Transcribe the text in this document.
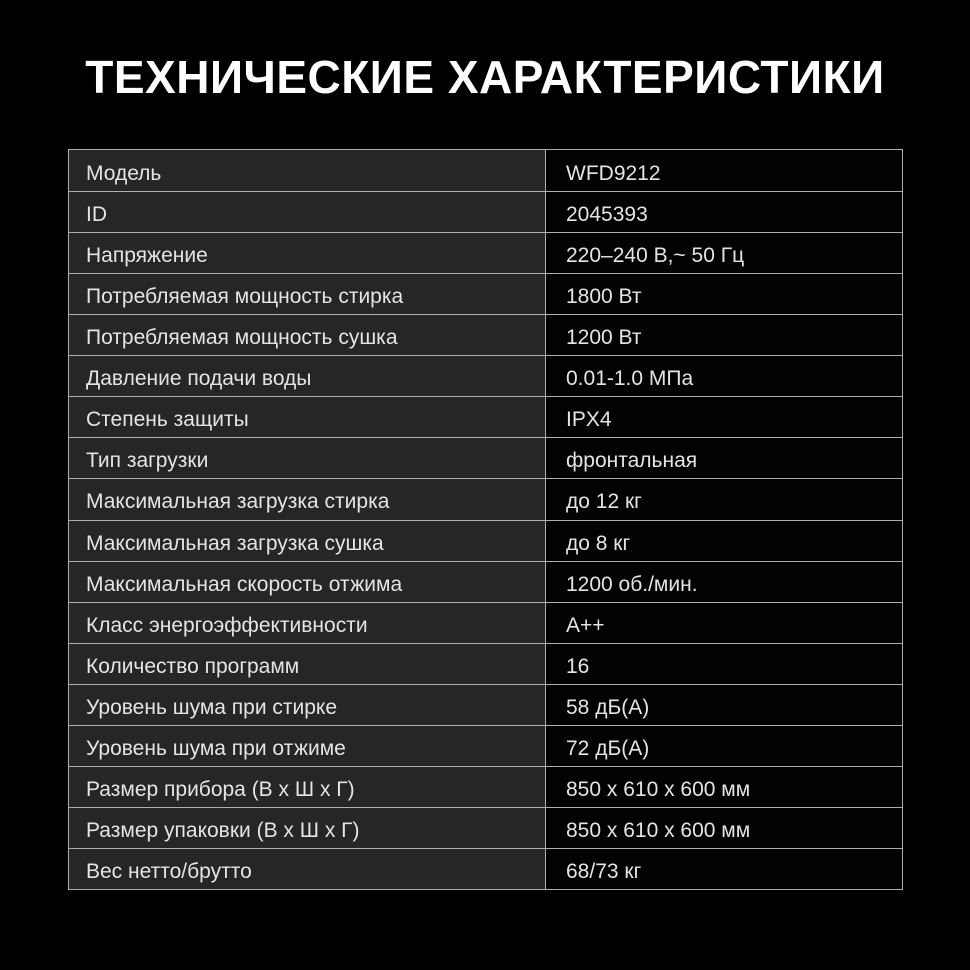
ТЕХНИЧЕСКИЕ ХАРАКТЕРИСТИКИ
Модель	WFD9212
ID	2045393
Напряжение	220–240 В,~ 50 Гц
Потребляемая мощность стирка	1800 Вт
Потребляемая мощность сушка	1200 Вт
Давление подачи воды	0.01-1.0 МПа
Степень защиты	IPX4
Тип загрузки	фронтальная
Максимальная загрузка стирка	до 12 кг
Максимальная загрузка сушка	до 8 кг
Максимальная скорость отжима	1200 об./мин.
Класс энергоэффективности	А++
Количество программ	16
Уровень шума при стирке	58 дБ(А)
Уровень шума при отжиме	72 дБ(А)
Размер прибора (В х Ш х Г)	850 х 610 х 600 мм
Размер упаковки (В х Ш х Г)	850 х 610 х 600 мм
Вес нетто/брутто	68/73 кг
